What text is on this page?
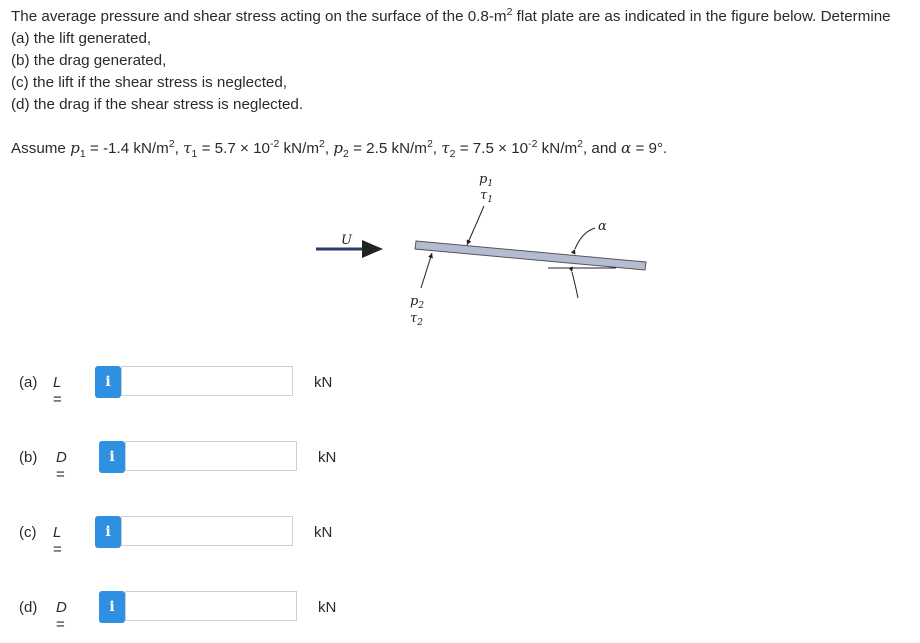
The average pressure and shear stress acting on the surface of the $0.8-m^2$ flat plate are as indicated in the figure below. Determine

(a) the lift generated,

(b) the drag generated,

(c) the lift if the shear stress is neglected,

(d) the drag if the shear stress is neglected.

Assume $p_1 = -1.4$ $kN/m^2$, $\tau_1 = 5.7 \times 10^{-2}$ $kN/m^2$, $p_2 = 2.5$ $kN/m^2$, $\tau_2 = 7.5 \times 10^{-2}$ $kN/m^2$, and α = 9°.
U
α
$p_1$
$\tau_1$
$p_2$
$\tau_2$
(a)	L =
i	kN
(b)	D =
i	kN
(c)	L =
i	kN
(d)	D =
i	kN
